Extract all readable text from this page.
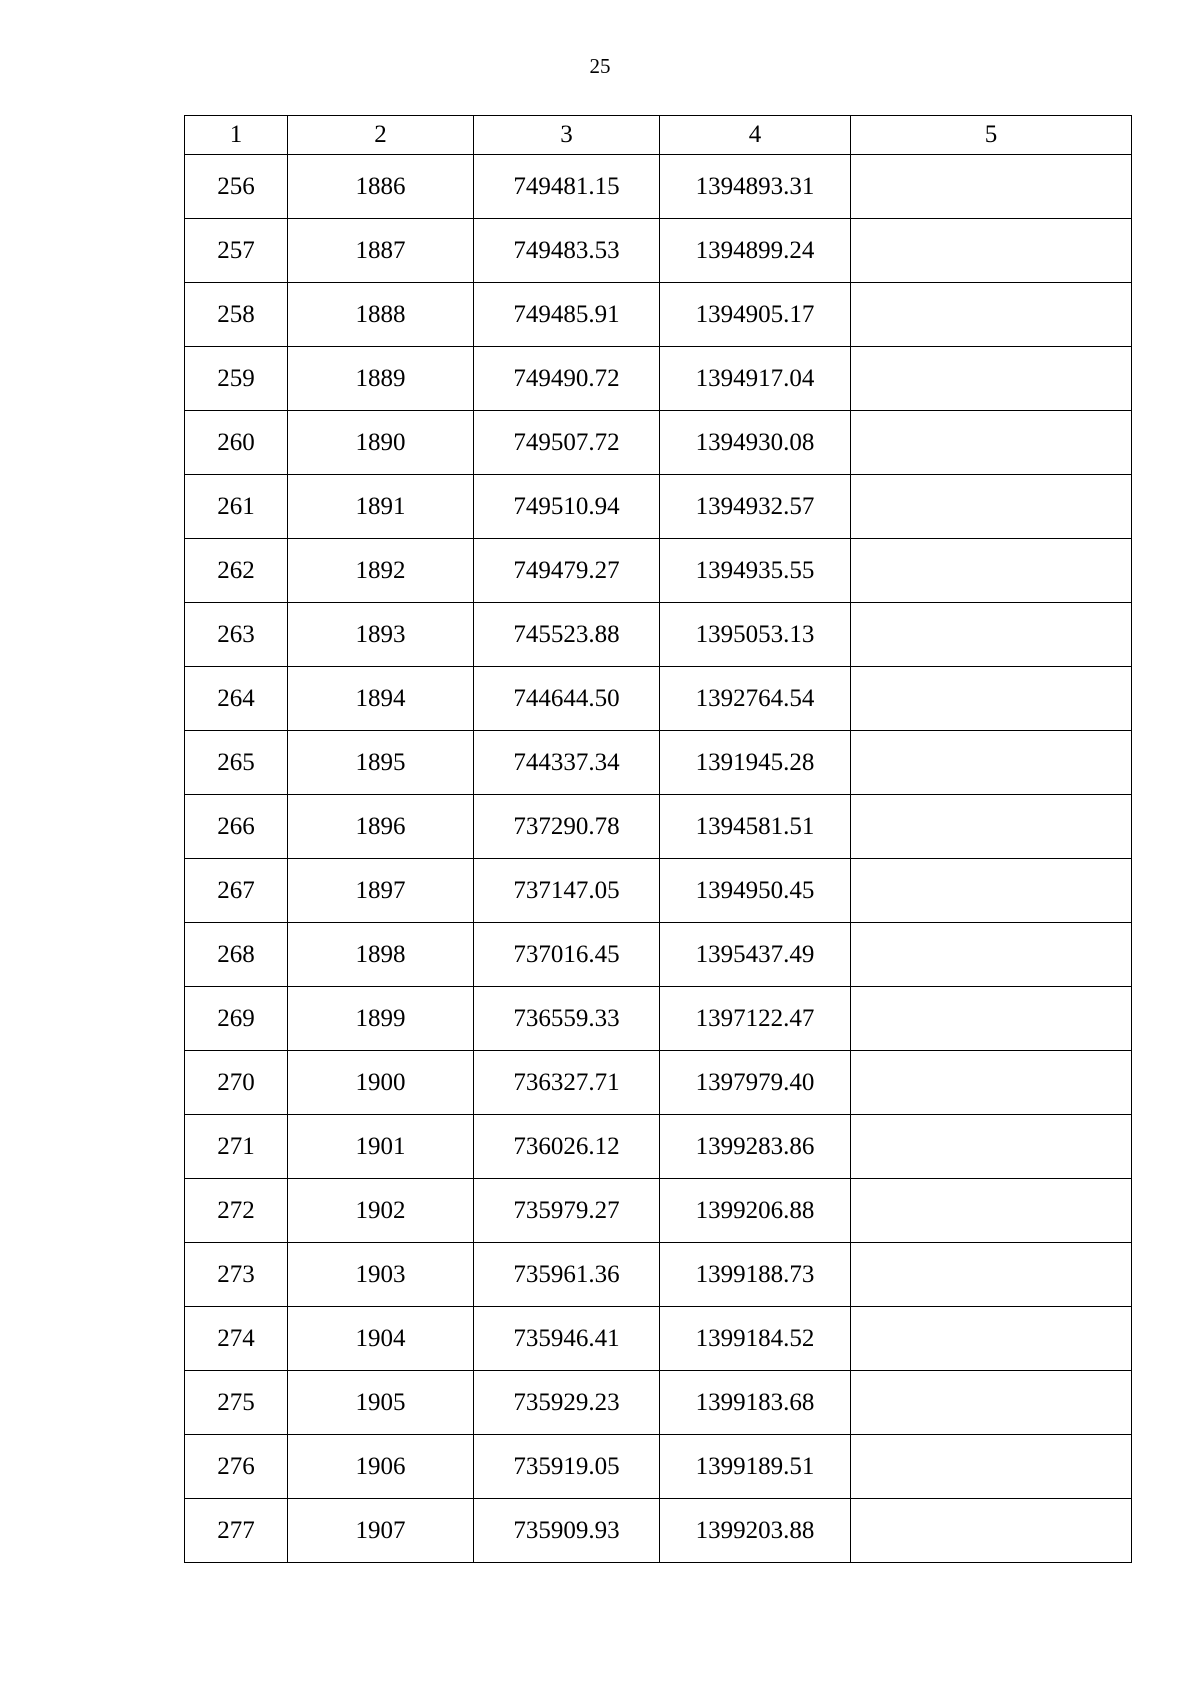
25
1	2	3	4	5
256	1886	749481.15	1394893.31	
257	1887	749483.53	1394899.24	
258	1888	749485.91	1394905.17	
259	1889	749490.72	1394917.04	
260	1890	749507.72	1394930.08	
261	1891	749510.94	1394932.57	
262	1892	749479.27	1394935.55	
263	1893	745523.88	1395053.13	
264	1894	744644.50	1392764.54	
265	1895	744337.34	1391945.28	
266	1896	737290.78	1394581.51	
267	1897	737147.05	1394950.45	
268	1898	737016.45	1395437.49	
269	1899	736559.33	1397122.47	
270	1900	736327.71	1397979.40	
271	1901	736026.12	1399283.86	
272	1902	735979.27	1399206.88	
273	1903	735961.36	1399188.73	
274	1904	735946.41	1399184.52	
275	1905	735929.23	1399183.68	
276	1906	735919.05	1399189.51	
277	1907	735909.93	1399203.88	
